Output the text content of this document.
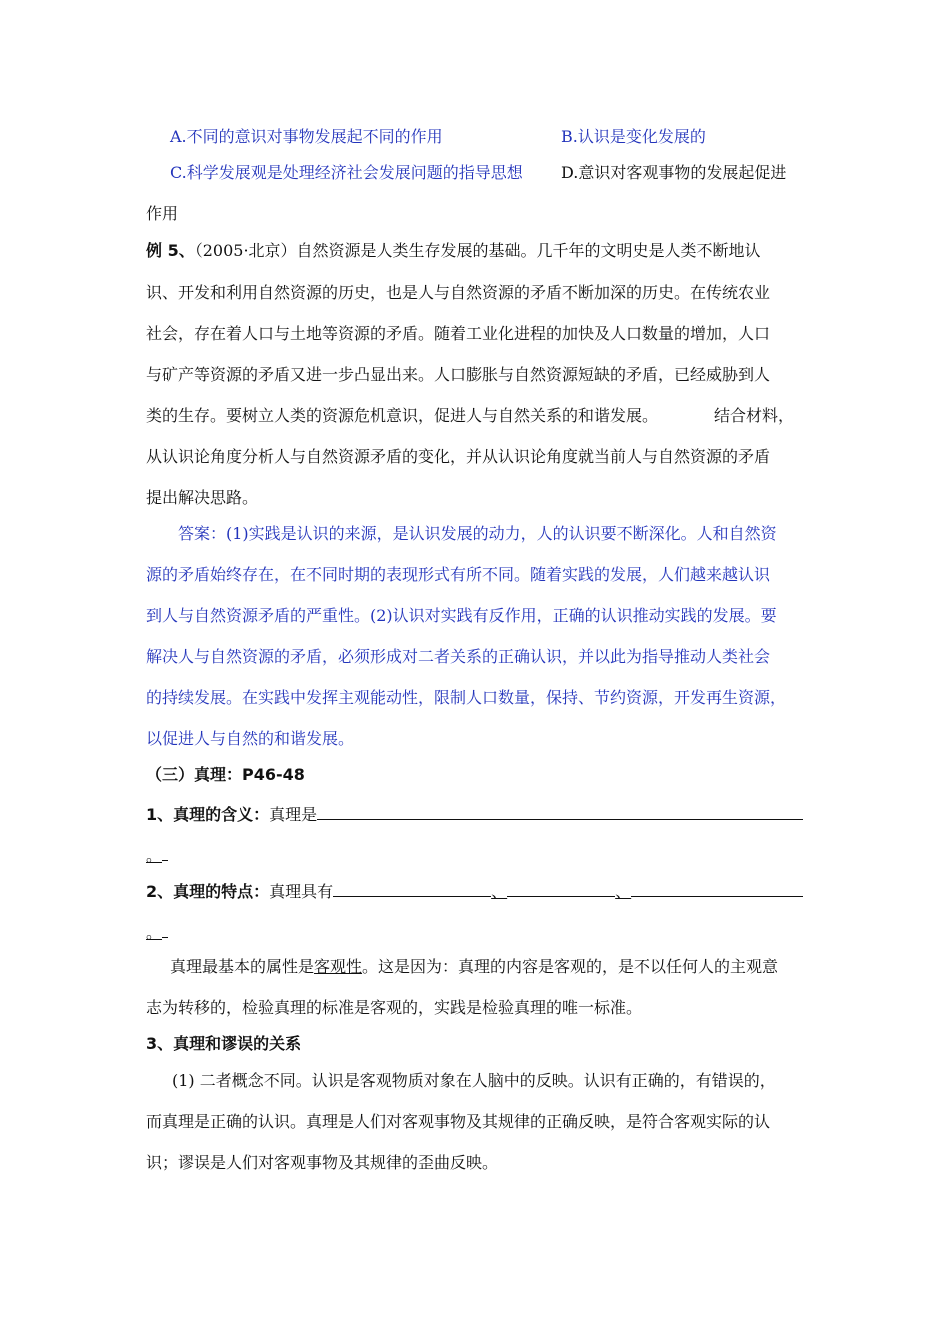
A.不同的意识对事物发展起不同的作用	B.认识是变化发展的
C.科学发展观是处理经济社会发展问题的指导思想 D.意识对客观事物的发展起促进
作用
例 5、（2005·北京）自然资源是人类生存发展的基础。几千年的文明史是人类不断地认
识、开发和利用自然资源的历史，也是人与自然资源的矛盾不断加深的历史。在传统农业
社会，存在着人口与土地等资源的矛盾。随着工业化进程的加快及人口数量的增加，人口
与矿产等资源的矛盾又进一步凸显出来。人口膨胀与自然资源短缺的矛盾，已经威胁到人
类的生存。要树立人类的资源危机意识，促进人与自然关系的和谐发展。	结合材料，
从认识论角度分析人与自然资源矛盾的变化，并从认识论角度就当前人与自然资源的矛盾
提出解决思路。
答案：(1)实践是认识的来源，是认识发展的动力，人的认识要不断深化。人和自然资
源的矛盾始终存在，在不同时期的表现形式有所不同。随着实践的发展，人们越来越认识
到人与自然资源矛盾的严重性。(2)认识对实践有反作用，正确的认识推动实践的发展。要
解决人与自然资源的矛盾，必须形成对二者关系的正确认识，并以此为指导推动人类社会
的持续发展。在实践中发挥主观能动性，限制人口数量，保持、节约资源，开发再生资源，
以促进人与自然的和谐发展。
（三）真理：P46-48
1、真理的含义：真理是
。
2、真理的特点：真理具有	、	、
。
真理最基本的属性是客观性。这是因为：真理的内容是客观的，是不以任何人的主观意
志为转移的，检验真理的标准是客观的，实践是检验真理的唯一标准。
3、真理和谬误的关系
(1) 二者概念不同。认识是客观物质对象在人脑中的反映。认识有正确的，有错误的，
而真理是正确的认识。真理是人们对客观事物及其规律的正确反映，是符合客观实际的认
识；谬误是人们对客观事物及其规律的歪曲反映。
